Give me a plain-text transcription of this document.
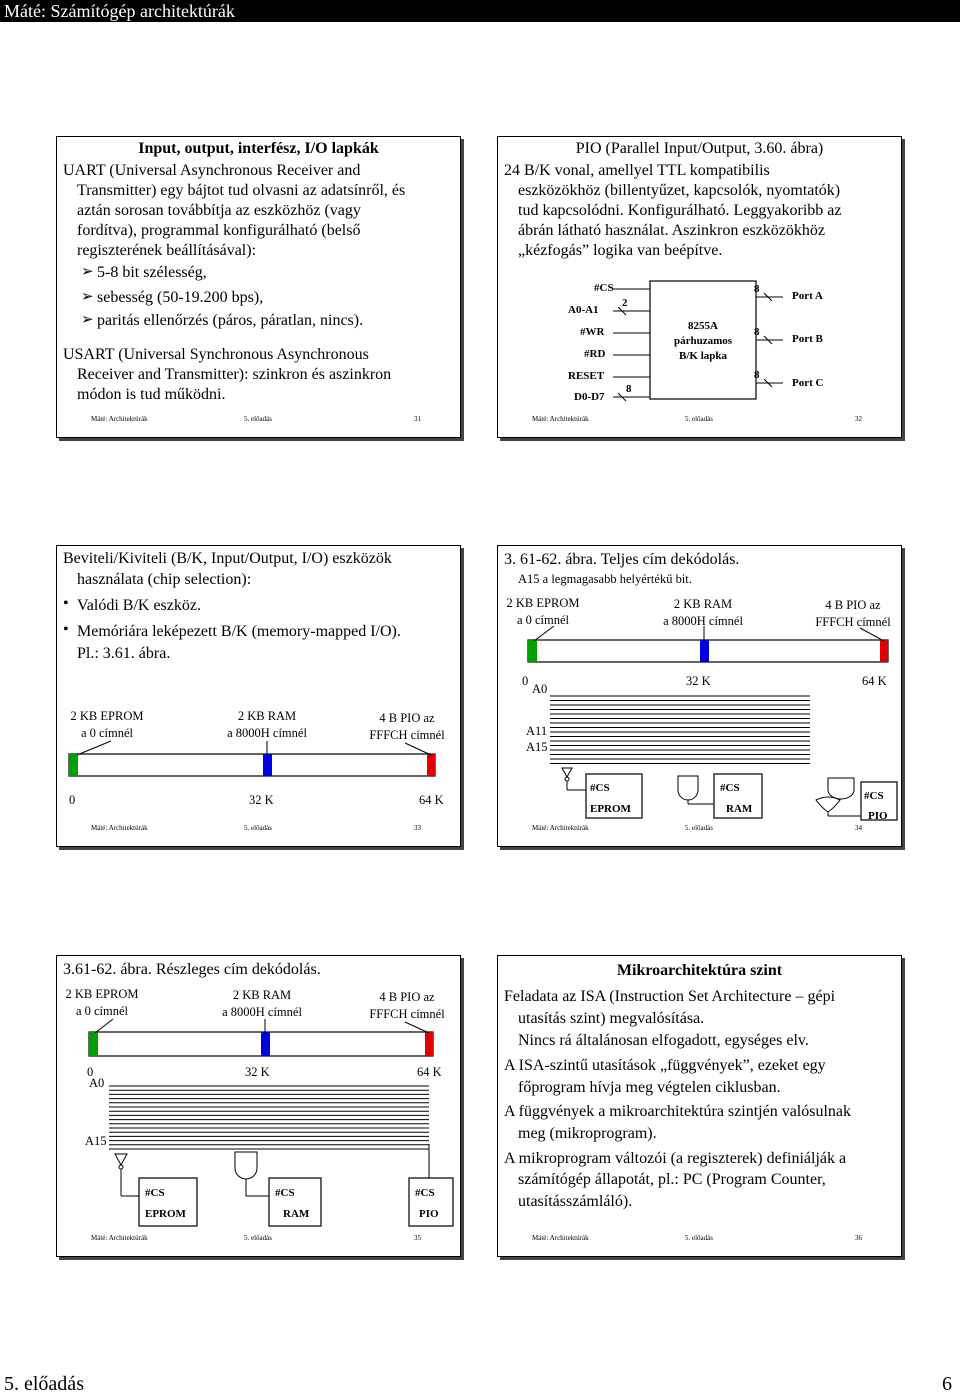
Máté: Számítógép architektúrák
Input, output, interfész, I/O lapkák
UART (Universal Asynchronous Receiver and
Transmitter) egy bájtot tud olvasni az adatsínről, és
aztán sorosan továbbítja az eszközhöz (vagy
fordítva), programmal konfigurálható (belső
regiszterének beállításával):
➢ 5-8 bit szélesség,
➢ sebesség (50-19.200 bps),
➢ paritás ellenőrzés (páros, páratlan, nincs).
USART (Universal Synchronous Asynchronous
Receiver and Transmitter): szinkron és aszinkron
módon is tud működni.
Máté: Architektúrák	5. előadás	31
PIO (Parallel Input/Output, 3.60. ábra)
24 B/K vonal, amellyel TTL kompatibilis
eszközökhöz (billentyűzet, kapcsolók, nyomtatók)
tud kapcsolódni. Konfigurálható. Leggyakoribb az
ábrán látható használat. Aszinkron eszközökhöz
„kézfogás” logika van beépítve.
#CS
A0-A1
#WR
#RD
RESET
D0-D7
2
8
8255A
párhuzamos
B/K lapka
8
8
8
Port A
Port B
Port C
Máté: Architektúrák	5. előadás	32
Beviteli/Kiviteli (B/K, Input/Output, I/O) eszközök
használata (chip selection):
• Valódi B/K eszköz.
• Memóriára leképezett B/K (memory-mapped I/O).
Pl.: 3.61. ábra.
2 KB EPROM
a 0 címnél
2 KB RAM
a 8000H címnél
4 B PIO az
FFFCH címnél
0	32 K	64 K
Máté: Architektúrák	5. előadás	33
3. 61-62. ábra. Teljes cím dekódolás.
A15 a legmagasabb helyértékű bit.
2 KB EPROM
a 0 címnél
2 KB RAM
a 8000H címnél
4 B PIO az
FFFCH címnél
0
A0
32 K	64 K
A11
A15
#CS
EPROM
#CS
RAM
#CS
PIO
Máté: Architektúrák	5. előadás	34
3.61-62. ábra. Részleges cím dekódolás.
2 KB EPROM
a 0 címnél
2 KB RAM
a 8000H címnél
4 B PIO az
FFFCH címnél
0
A0
32 K	64 K
A15
#CS
EPROM
#CS
RAM
#CS
PIO
Máté: Architektúrák	5. előadás	35
Mikroarchitektúra szint
Feladata az ISA (Instruction Set Architecture – gépi
utasítás szint) megvalósítása.
Nincs rá általánosan elfogadott, egységes elv.
A ISA-szintű utasítások „függvények”, ezeket egy
főprogram hívja meg végtelen ciklusban.
A függvények a mikroarchitektúra szintjén valósulnak
meg (mikroprogram).
A mikroprogram változói (a regiszterek) definiálják a
számítógép állapotát, pl.: PC (Program Counter,
utasításszámláló).
Máté: Architektúrák	5. előadás	36
5. előadás	6
